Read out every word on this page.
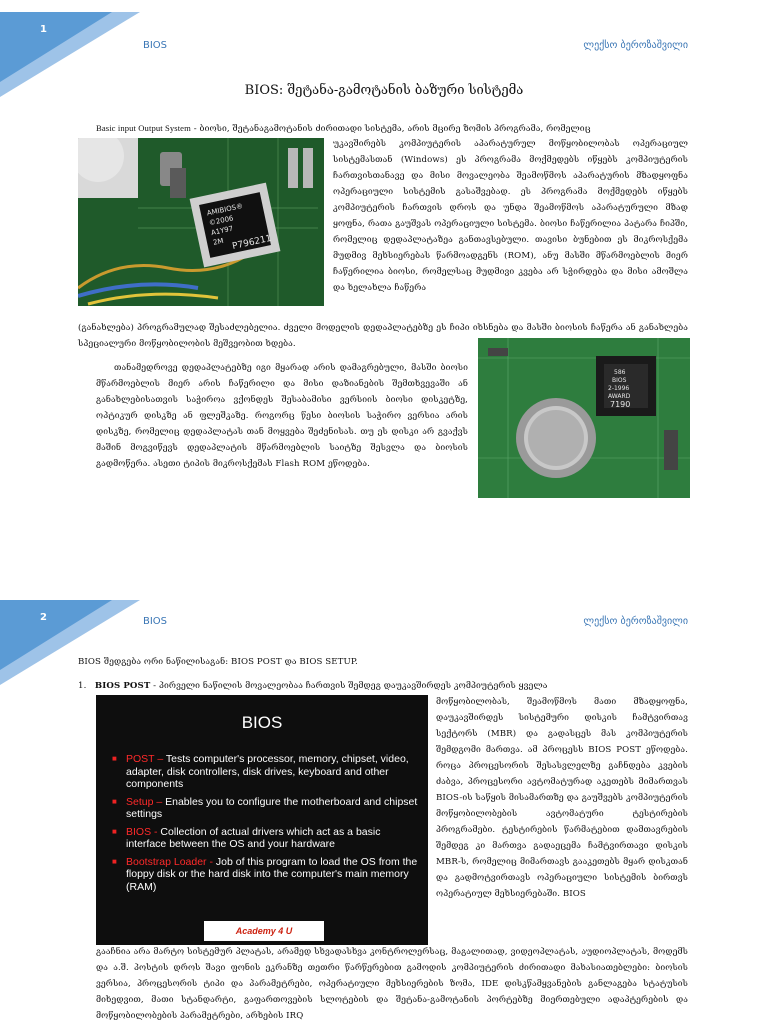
1
BIOS	ლექსო ბეროზაშვილი
BIOS: შეტანა-გამოტანის ბაზური სისტემა
Basic input Output System - ბიოსი, შეტანაგამოტანის ძირითადი სისტემა, არის მცირე ზომის პროგრამა, რომელიც
AMIBIOS®
©2006
A1Y97
2M P796211
უკავშირებს კომპიუტერის აპარატურულ მოწყობილობას ოპერაციულ სისტემასთან (Windows) ეს პროგრამა მოქმედებს იწყებს კომპიუტერის ჩართვისთანავე და მისი მოვალეობა შეამოწმოს აპარატურის მზადყოფნა ოპერაციული სისტემის გასაშვებად. ეს პროგრამა მოქმედებს იწყებს კომპიუტერის ჩართვის დროს და უნდა შეამოწმოს აპარატურული მზად ყოფნა, რათა გაუშვას ოპერაციული სისტემა. ბიოსი ჩაწერილია პატარა ჩიპში, რომელიც დედაპლატაზეა განთავსებული. თავისი ბუნებით ეს მიკროსქემა მუდმივ მეხსიერებას წარმოადგენს (ROM), ანუ მასში მწარმოებლის მიერ ჩაწერილია ბიოსი, რომელსაც მუდმივი კვება არ სჭირდება და მისი ამოშლა და ხელახლა ჩაწერა
(განახლება) პროგრამულად შესაძლებელია. ძველი მოდელის დედაპლატებზე ეს ჩიპი იხსნება და მასში ბიოსის ჩაწერა ან განახლება სპეციალური მოწყობილობის მეშვეობით ხდება.
586
BIOS
2-1996
AWARD
7190
თანამედროვე დედაპლატებზე იგი მყარად არის დამაგრებული, მასში ბიოსი მწარმოებლის მიერ არის ჩაწერილი და მისი დაზიანების შემთხვევაში ან განახლებისათვის საჭიროა ვქონდეს შესაბამისი ვერსიის ბიოსი დისკეტზე, ოპტიკურ დისკზე ან ფლეშკაზე. როგორც წესი ბიოსის საჭირო ვერსია არის დისკზე, რომელიც დედაპლატას თან მოყვება შეძენისას. თუ ეს დისკი არ გვაქვს მაშინ მოგვიწევს დედაპლატის მწარმოებლის საიტზე შესვლა და ბიოსის გადმოწერა. ასეთი ტიპის მიკროსქემას Flash ROM ეწოდება.
2	BIOS	ლექსო ბეროზაშვილი
BIOS შედგება ორი ნაწილისაგან: BIOS POST და BIOS SETUP.
1. BIOS POST - პირველი ნაწილის მოვალეობაა ჩართვის შემდეგ დაუკავშირდეს კომპიუტერის ყველა
BIOS
■ POST – Tests computer's processor, memory, chipset, video, adapter, disk controllers, disk drives, keyboard and other components
■ Setup – Enables you to configure the motherboard and chipset settings
■ BIOS - Collection of actual drivers which act as a basic interface between the OS and your hardware
■ Bootstrap Loader - Job of this program to load the OS from the floppy disk or the hard disk into the computer's main memory (RAM)
Academy 4 U
მოწყობილობას, შეამოწმოს მათი მზადყოფნა, დაუკავშირდეს სისტემური დისკის ჩამტვირთავ სექტორს (MBR) და გადასცეს მას კომპიუტერის შემდგომი მართვა. ამ პროცესს BIOS POST ეწოდება. როცა პროცესორის შესასვლელზე გაჩნდება კვების ძაბვა, პროცესორი ავტომატურად აკეთებს მიმართვას BIOS-ის საწყის მისამართზე და გაუშვებს კომპიუტერის მოწყობილობების ავტომატური ტესტირების პროგრამები. ტესტირების წარმატებით დამთავრების შემდეგ კი მართვა გადაეცემა ჩამტვირთავი დისკის MBR-ს, რომელიც მიმართავს გააკეთებს მყარ დისკთან და გადმოტვირთავს ოპერაციული სისტემის ბირთვს ოპერატიულ მეხსიერებაში. BIOS
გააჩნია არა მარტო სისტემურ პლატას, არამედ სხვადასხვა კონტროლერსაც, მაგალითად, ვიდეოპლატას, აუდიოპლატას, მოდემს და ა.შ. პოსტის დროს შავი ფონის ეკრანზე თეთრი წარწერებით გამოდის კომპიუტერის ძირითადი მახასიათებლები: ბიოსის ვერსია, პროცესორის ტიპი და პარამეტრები, ოპერატიული მეხსიერების ზომა, IDE დისკწამყვანების განლაგება სტატუსის მიხედვით, მათი სტანდარტი, გაფართოვების სლოტების და შეტანა-გამოტანის პორტებზე მიერთებული ადაპტერების და მოწყობილობების პარამეტრები, არხების IRQ
